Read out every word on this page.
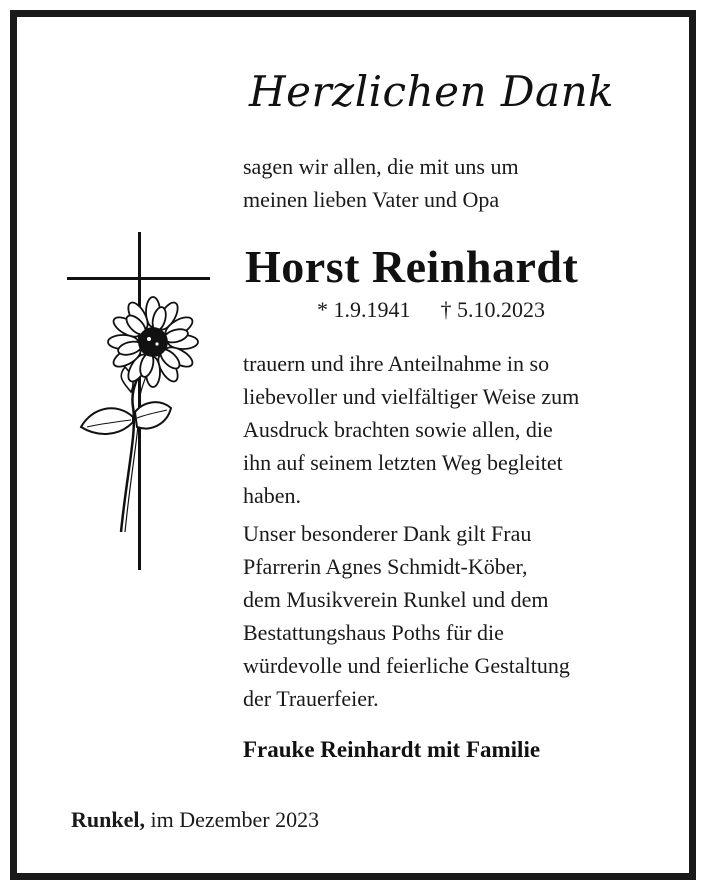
Herzlichen Dank
sagen wir allen, die mit uns um
meinen lieben Vater und Opa
Horst Reinhardt
* 1.9.1941 † 5.10.2023
trauern und ihre Anteilnahme in so
liebevoller und vielfältiger Weise zum
Ausdruck brachten sowie allen, die
ihn auf seinem letzten Weg begleitet
haben.
Unser besonderer Dank gilt Frau
Pfarrerin Agnes Schmidt-Köber,
dem Musikverein Runkel und dem
Bestattungshaus Poths für die
würdevolle und feierliche Gestaltung
der Trauerfeier.
Frauke Reinhardt mit Familie
Runkel, im Dezember 2023
